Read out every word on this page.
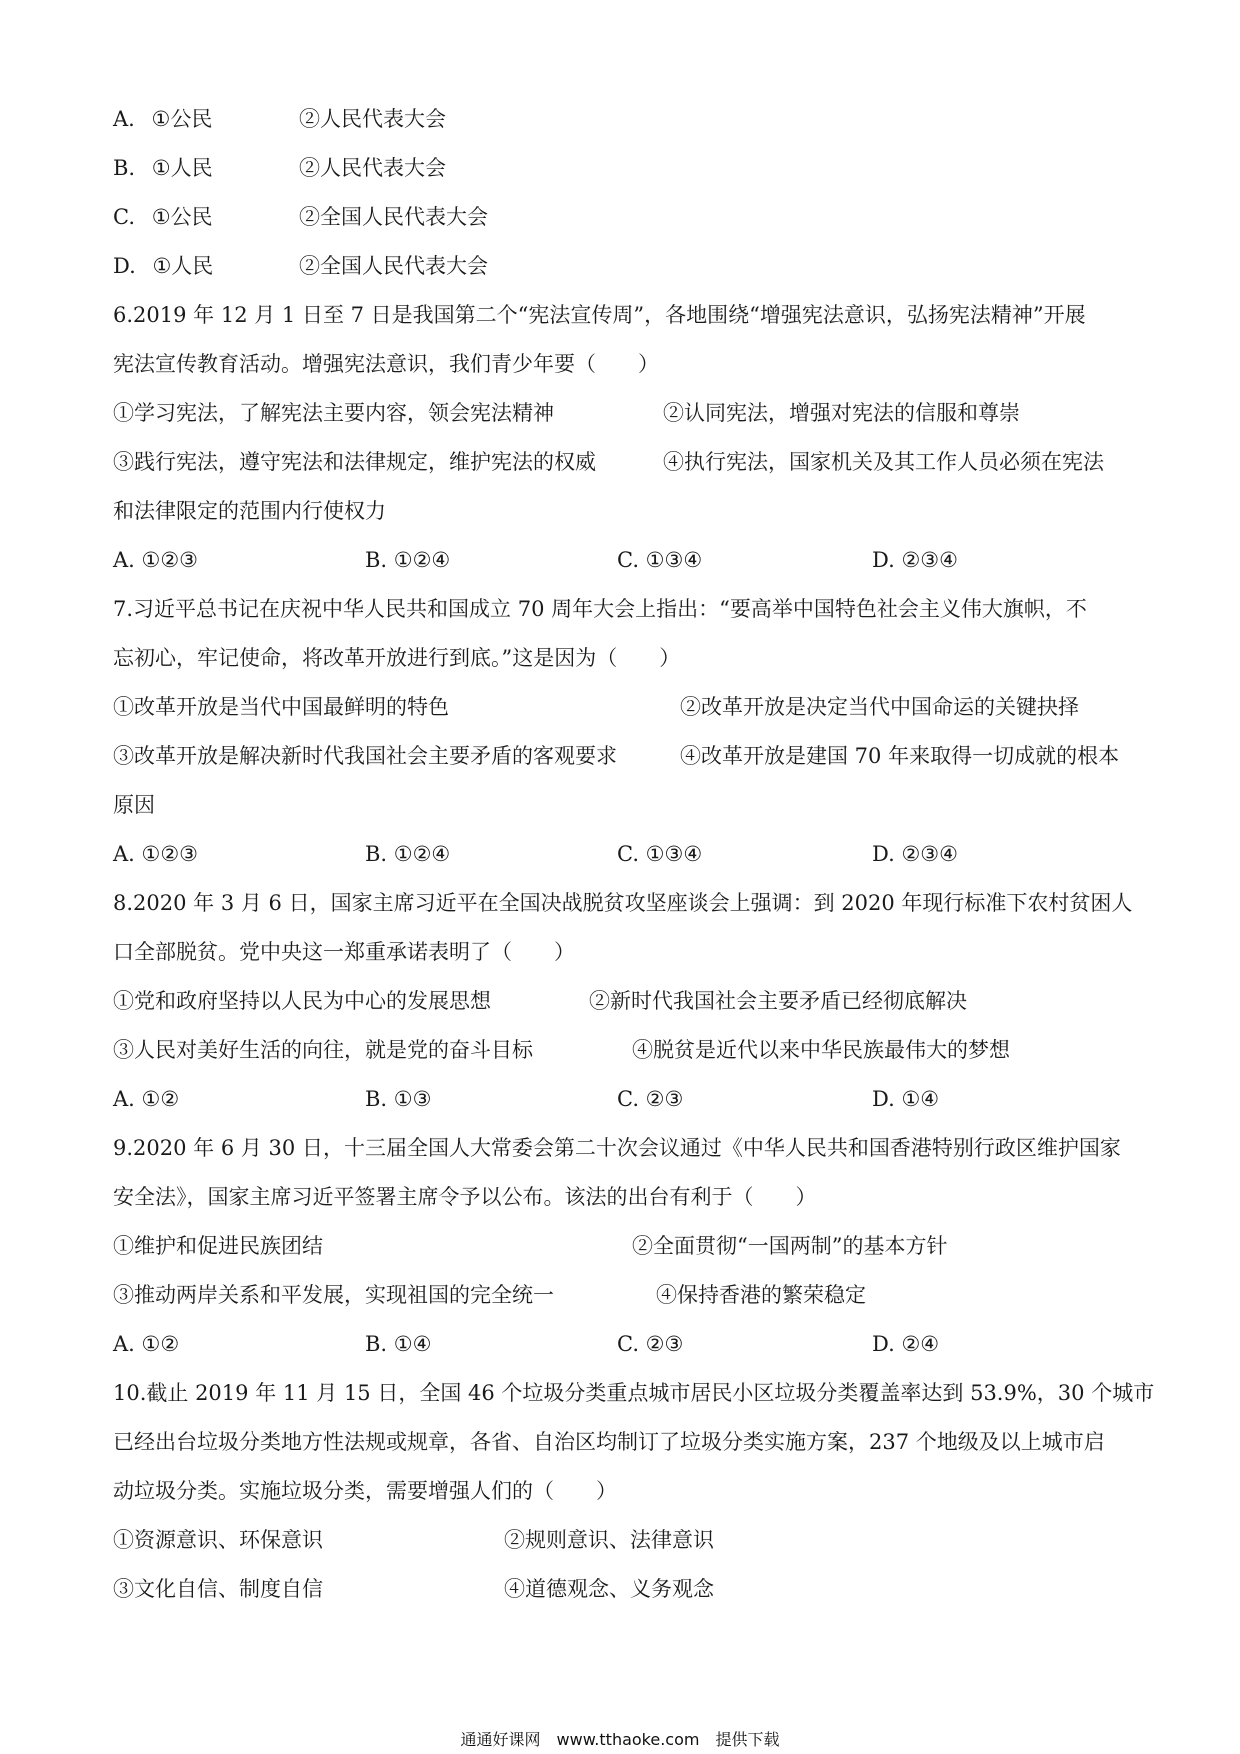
A. ①公民	②人民代表大会
B. ①人民	②人民代表大会
C. ①公民	②全国人民代表大会
D. ①人民	②全国人民代表大会
6.2019 年 12 月 1 日至 7 日是我国第二个“宪法宣传周”，各地围绕“增强宪法意识，弘扬宪法精神”开展
宪法宣传教育活动。增强宪法意识，我们青少年要（　　）
①学习宪法，了解宪法主要内容，领会宪法精神	②认同宪法，增强对宪法的信服和尊崇
③践行宪法，遵守宪法和法律规定，维护宪法的权威	④执行宪法，国家机关及其工作人员必须在宪法
和法律限定的范围内行使权力
A. ①②③	B. ①②④	C. ①③④	D. ②③④
7.习近平总书记在庆祝中华人民共和国成立 70 周年大会上指出：“要高举中国特色社会主义伟大旗帜，不
忘初心，牢记使命，将改革开放进行到底。”这是因为（　　）
①改革开放是当代中国最鲜明的特色	②改革开放是决定当代中国命运的关键抉择
③改革开放是解决新时代我国社会主要矛盾的客观要求	④改革开放是建国 70 年来取得一切成就的根本
原因
A. ①②③	B. ①②④	C. ①③④	D. ②③④
8.2020 年 3 月 6 日，国家主席习近平在全国决战脱贫攻坚座谈会上强调：到 2020 年现行标准下农村贫困人
口全部脱贫。党中央这一郑重承诺表明了（　　）
①党和政府坚持以人民为中心的发展思想	②新时代我国社会主要矛盾已经彻底解决
③人民对美好生活的向往，就是党的奋斗目标	④脱贫是近代以来中华民族最伟大的梦想
A. ①②	B. ①③	C. ②③	D. ①④
9.2020 年 6 月 30 日，十三届全国人大常委会第二十次会议通过《中华人民共和国香港特别行政区维护国家
安全法》，国家主席习近平签署主席令予以公布。该法的出台有利于（　　）
①维护和促进民族团结	②全面贯彻“一国两制”的基本方针
③推动两岸关系和平发展，实现祖国的完全统一	④保持香港的繁荣稳定
A. ①②	B. ①④	C. ②③	D. ②④
10.截止 2019 年 11 月 15 日，全国 46 个垃圾分类重点城市居民小区垃圾分类覆盖率达到 53.9%，30 个城市
已经出台垃圾分类地方性法规或规章，各省、自治区均制订了垃圾分类实施方案，237 个地级及以上城市启
动垃圾分类。实施垃圾分类，需要增强人们的（　　）
①资源意识、环保意识	②规则意识、法律意识
③文化自信、制度自信	④道德观念、义务观念
通通好课网　www.tthaoke.com　提供下载
